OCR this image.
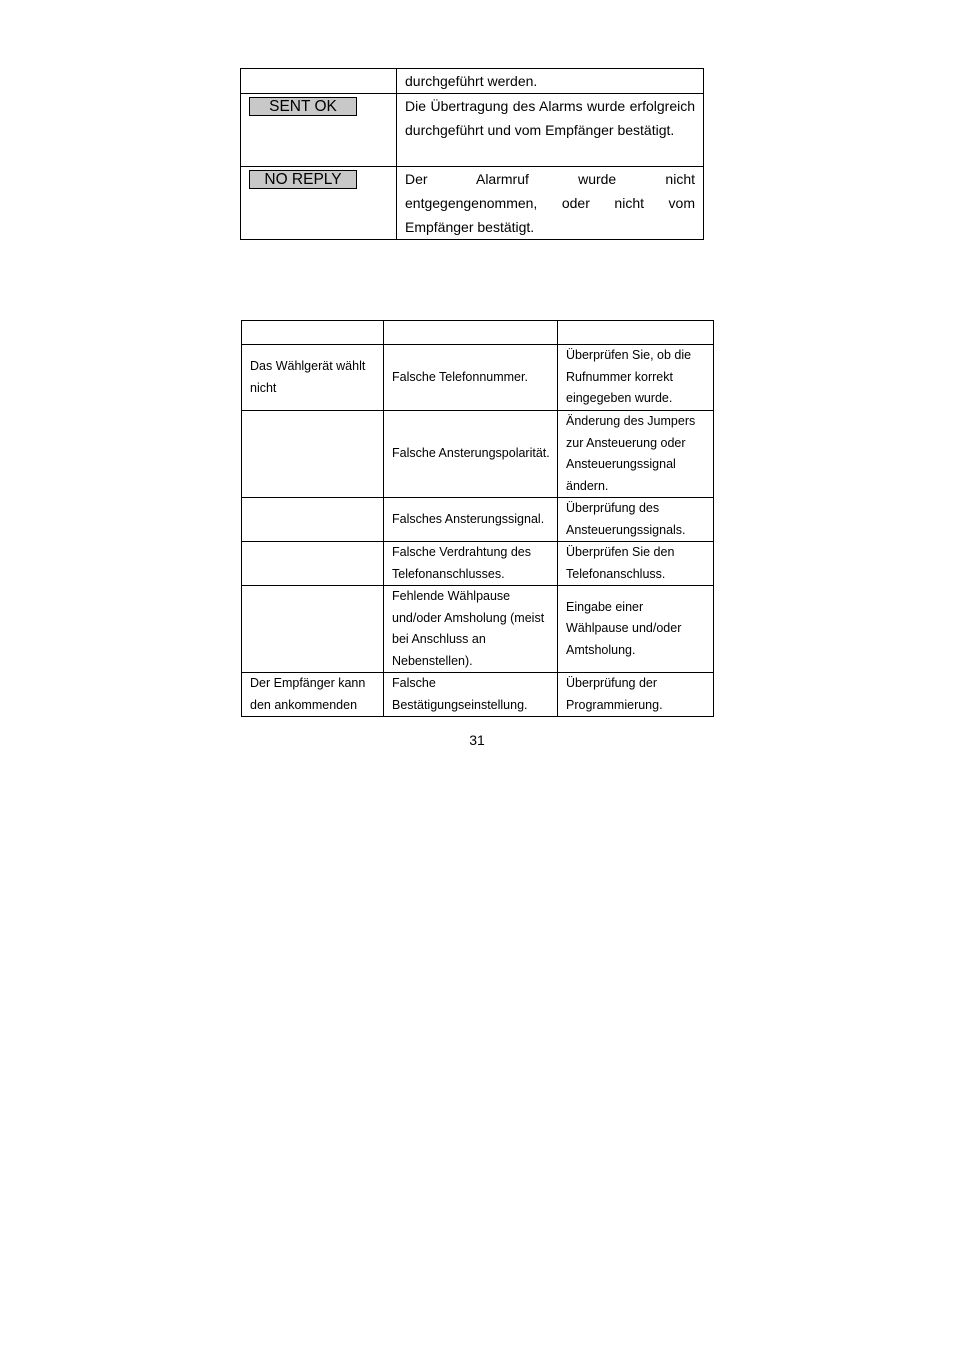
	durchgeführt werden.

SENT OK	Die Übertragung des Alarms wurde erfolgreich durchgeführt und vom Empfänger bestätigt.

NO REPLY	Der Alarmruf wurde nicht entgegengenommen, oder nicht vom Empfänger bestätigt.

Das Wählgerät wählt nicht	Falsche Telefonnummer.	Überprüfen Sie, ob die Rufnummer korrekt eingegeben wurde.
	Falsche Ansterungspolarität.	Änderung des Jumpers zur Ansteuerung oder Ansteuerungssignal ändern.
	Falsches Ansterungssignal.	Überprüfung des Ansteuerungssignals.
	Falsche Verdrahtung des Telefonanschlusses.	Überprüfen Sie den Telefonanschluss.
	Fehlende Wählpause und/oder Amsholung (meist bei Anschluss an Nebenstellen).	Eingabe einer Wählpause und/oder Amtsholung.
Der Empfänger kann den ankommenden	Falsche Bestätigungseinstellung.	Überprüfung der Programmierung.
31
